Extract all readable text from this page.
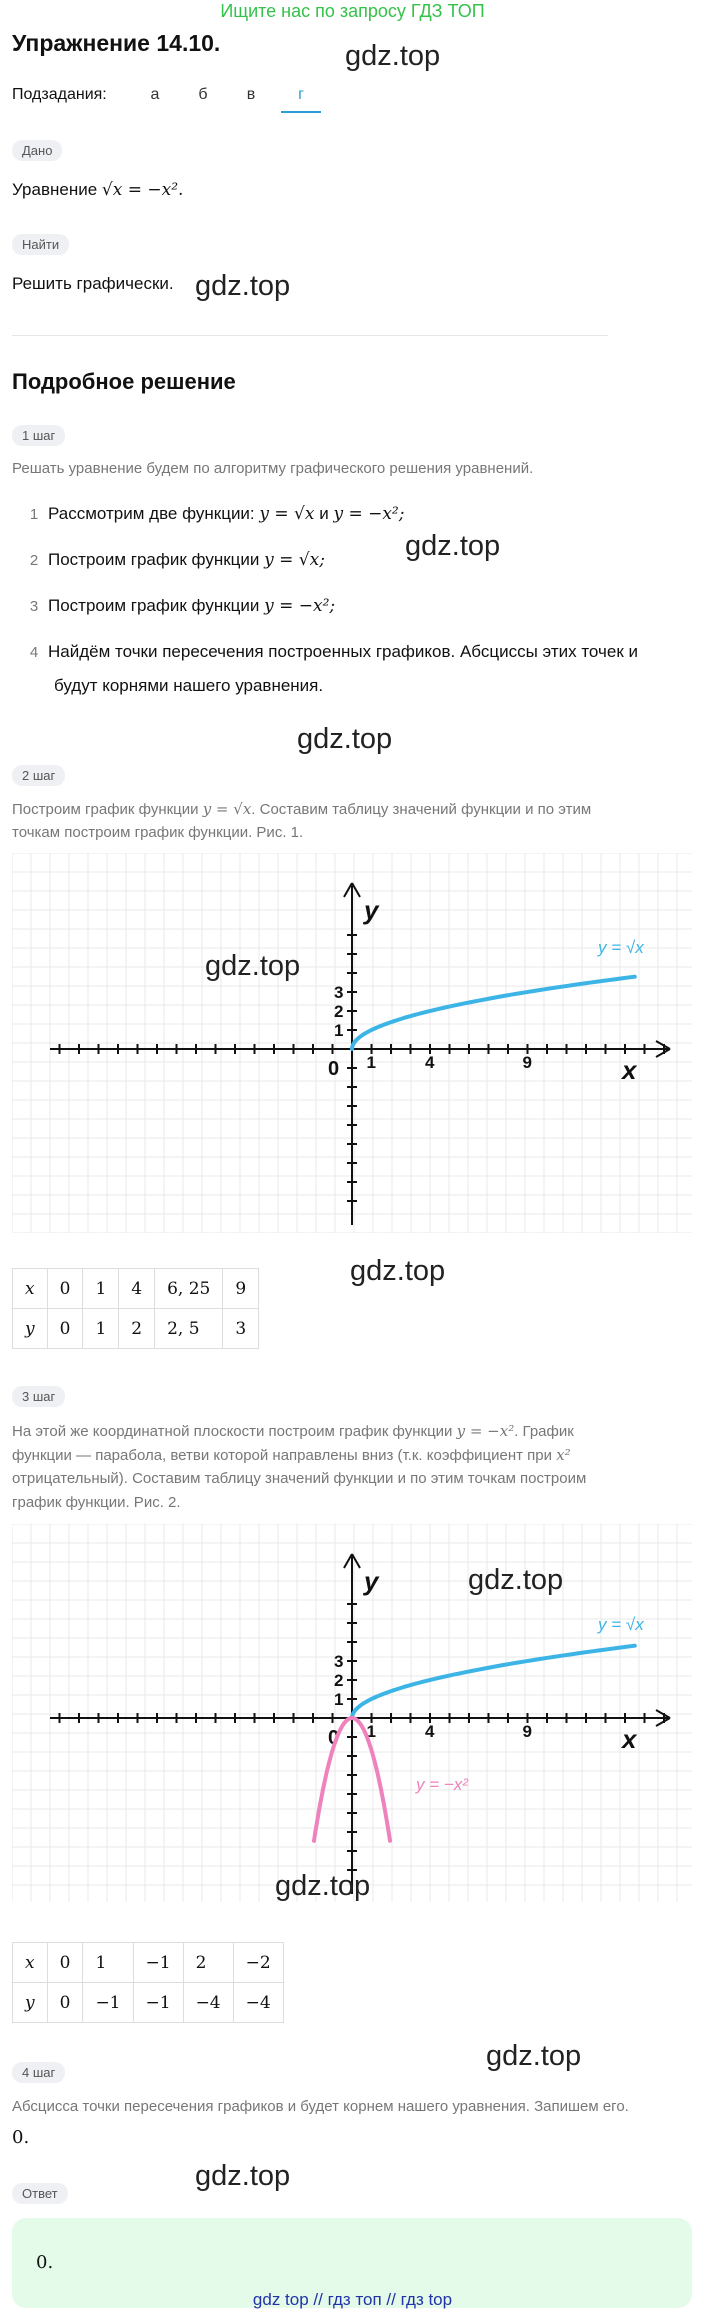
Ищите нас по запросу ГДЗ ТОП
Упражнение 14.10.	gdz.top
Подзадания:	а	б	в	г
Дано
Уравнение √x = −x².
Найти
Решить графически. gdz.top
Подробное решение
1 шаг
Решать уравнение будем по алгоритму графического решения уравнений.
1 Рассмотрим две функции: y = √x и y = −x²;
2 Построим график функции y = √x;	gdz.top
3 Построим график функции y = −x²;
4 Найдём точки пересечения построенных графиков. Абсциссы этих точек и
будут корнями нашего уравнения.
gdz.top
2 шаг
Построим график функции y = √x. Составим таблицу значений функции и по этим
точкам построим график функции. Рис. 1.
1	4	9
1
2
3
0	x
y
y = √x
gdz.top
gdz.top
x	0	1	4	6, 25	9
y	0	1	2	2, 5	3
3 шаг
На этой же координатной плоскости построим график функции y = −x². График
функции — парабола, ветви которой направлены вниз (т.к. коэффициент при x²
отрицательный). Составим таблицу значений функции и по этим точкам построим
график функции. Рис. 2.
1	4	9
1
2
3
0	x
y
y = √x
y = −x²
gdz.top
gdz.top
x	0	1	−1	2	−2
y	0	−1	−1	−4	−4
gdz.top
4 шаг
Абсцисса точки пересечения графиков и будет корнем нашего уравнения. Запишем его.
0.
gdz.top
Ответ
0.
gdz top // гдз топ // гдз top
